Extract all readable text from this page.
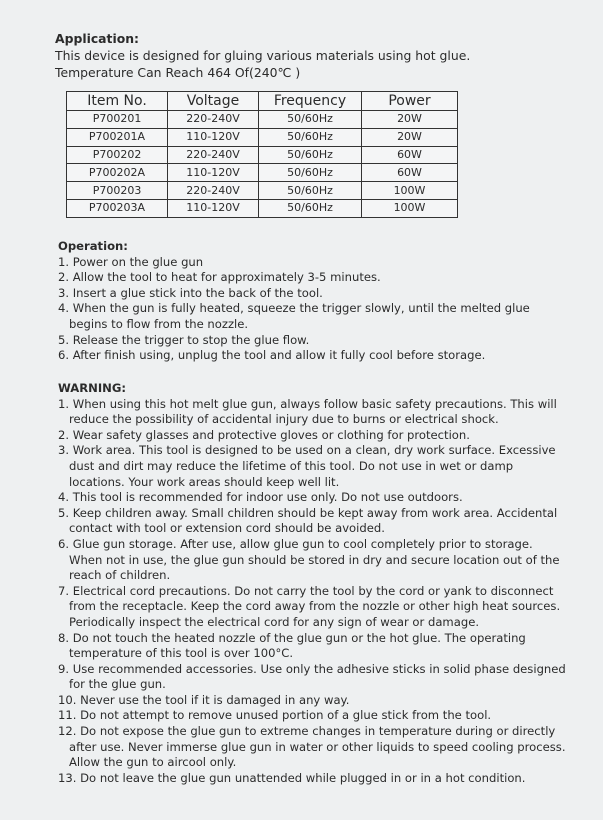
Application:
This device is designed for gluing various materials using hot glue.
Temperature Can Reach 464 Of(240℃ )
Item No.	Voltage	Frequency	Power
P700201	220-240V	50/60Hz	20W
P700201A	110-120V	50/60Hz	20W
P700202	220-240V	50/60Hz	60W
P700202A	110-120V	50/60Hz	60W
P700203	220-240V	50/60Hz	100W
P700203A	110-120V	50/60Hz	100W
Operation:
1. Power on the glue gun
2. Allow the tool to heat for approximately 3-5 minutes.
3. Insert a glue stick into the back of the tool.
4. When the gun is fully heated, squeeze the trigger slowly, until the melted glue begins to flow from the nozzle.
5. Release the trigger to stop the glue flow.
6. After finish using, unplug the tool and allow it fully cool before storage.
WARNING:
1. When using this hot melt glue gun, always follow basic safety precautions. This will reduce the possibility of accidental injury due to burns or electrical shock.
2. Wear safety glasses and protective gloves or clothing for protection.
3. Work area. This tool is designed to be used on a clean, dry work surface. Excessive dust and dirt may reduce the lifetime of this tool. Do not use in wet or damp locations. Your work areas should keep well lit.
4. This tool is recommended for indoor use only. Do not use outdoors.
5. Keep children away. Small children should be kept away from work area. Accidental contact with tool or extension cord should be avoided.
6. Glue gun storage. After use, allow glue gun to cool completely prior to storage. When not in use, the glue gun should be stored in dry and secure location out of the reach of children.
7. Electrical cord precautions. Do not carry the tool by the cord or yank to disconnect from the receptacle. Keep the cord away from the nozzle or other high heat sources. Periodically inspect the electrical cord for any sign of wear or damage.
8. Do not touch the heated nozzle of the glue gun or the hot glue. The operating temperature of this tool is over 100°C.
9. Use recommended accessories. Use only the adhesive sticks in solid phase designed for the glue gun.
10. Never use the tool if it is damaged in any way.
11. Do not attempt to remove unused portion of a glue stick from the tool.
12. Do not expose the glue gun to extreme changes in temperature during or directly after use. Never immerse glue gun in water or other liquids to speed cooling process. Allow the gun to aircool only.
13. Do not leave the glue gun unattended while plugged in or in a hot condition.
